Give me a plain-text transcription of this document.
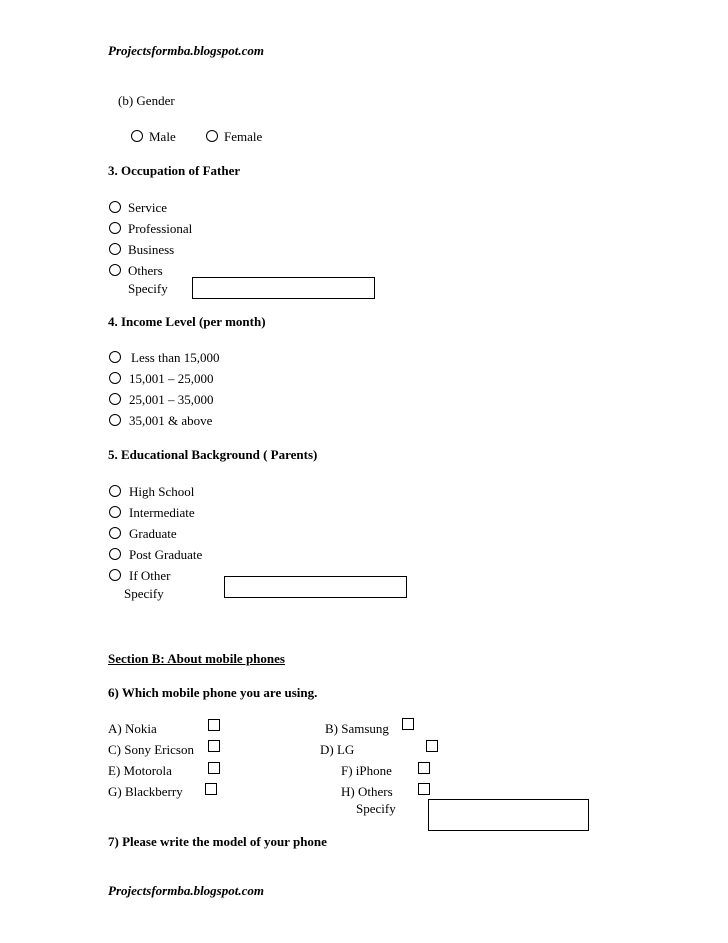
Projectsformba.blogspot.com
(b) Gender
Male	Female
3. Occupation of Father
Service
Professional
Business
Others
Specify
4. Income Level (per month)
Less than 15,000
15,001 – 25,000
25,001 – 35,000
35,001 & above
5. Educational Background ( Parents)
High School
Intermediate
Graduate
Post Graduate
If Other
Specify
Section B: About mobile phones
6) Which mobile phone you are using.
A) Nokia	B) Samsung
C) Sony Ericson	D) LG
E) Motorola	F) iPhone
G) Blackberry	H) Others
Specify
7) Please write the model of your phone
Projectsformba.blogspot.com
